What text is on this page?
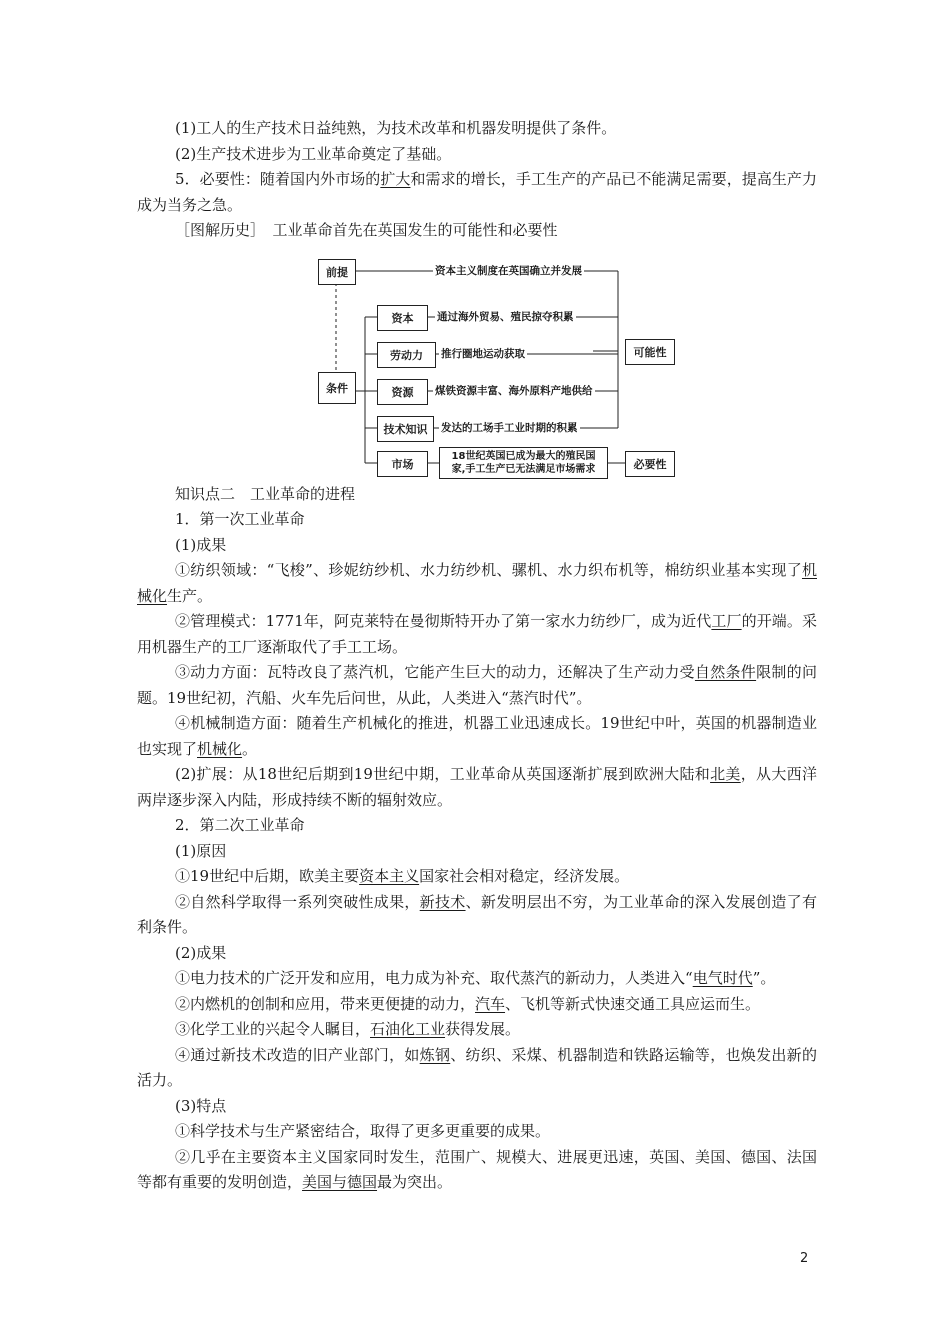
(1)工人的生产技术日益纯熟，为技术改革和机器发明提供了条件。

(2)生产技术进步为工业革命奠定了基础。

5．必要性：随着国内外市场的扩大和需求的增长，手工生产的产品已不能满足需要，提高生产力成为当务之急。

［图解历史］　工业革命首先在英国发生的可能性和必要性

前提	资本主义制度在英国确立并发展
条件
资本	通过海外贸易、殖民掠夺积累
劳动力	推行圈地运动获取
资源	煤铁资源丰富、海外原料产地供给
技术知识	发达的工场手工业时期的积累
市场
18世纪英国已成为最大的殖民国
家,手工生产已无法满足市场需求
可能性
必要性

知识点二　工业革命的进程

1．第一次工业革命

(1)成果

①纺织领域：“飞梭”、珍妮纺纱机、水力纺纱机、骡机、水力织布机等，棉纺织业基本实现了机械化生产。

②管理模式：1771年，阿克莱特在曼彻斯特开办了第一家水力纺纱厂，成为近代工厂的开端。采用机器生产的工厂逐渐取代了手工工场。

③动力方面：瓦特改良了蒸汽机，它能产生巨大的动力，还解决了生产动力受自然条件限制的问题。19世纪初，汽船、火车先后问世，从此，人类进入“蒸汽时代”。

④机械制造方面：随着生产机械化的推进，机器工业迅速成长。19世纪中叶，英国的机器制造业也实现了机械化。

(2)扩展：从18世纪后期到19世纪中期，工业革命从英国逐渐扩展到欧洲大陆和北美，从大西洋两岸逐步深入内陆，形成持续不断的辐射效应。

2．第二次工业革命

(1)原因

①19世纪中后期，欧美主要资本主义国家社会相对稳定，经济发展。

②自然科学取得一系列突破性成果，新技术、新发明层出不穷，为工业革命的深入发展创造了有利条件。

(2)成果

①电力技术的广泛开发和应用，电力成为补充、取代蒸汽的新动力，人类进入“电气时代”。

②内燃机的创制和应用，带来更便捷的动力，汽车、飞机等新式快速交通工具应运而生。

③化学工业的兴起令人瞩目，石油化工业获得发展。

④通过新技术改造的旧产业部门，如炼钢、纺织、采煤、机器制造和铁路运输等，也焕发出新的活力。

(3)特点

①科学技术与生产紧密结合，取得了更多更重要的成果。

②几乎在主要资本主义国家同时发生，范围广、规模大、进展更迅速，英国、美国、德国、法国等都有重要的发明创造，美国与德国最为突出。

2
